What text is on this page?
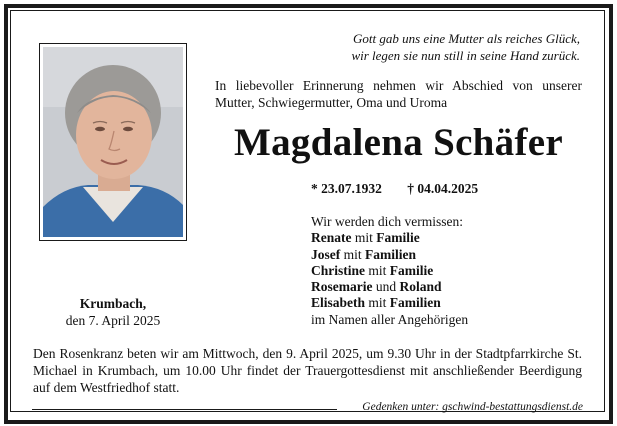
Gott gab uns eine Mutter als reiches Glück,
wir legen sie nun still in seine Hand zurück.
In liebevoller Erinnerung nehmen wir Abschied von unserer Mutter, Schwiegermutter, Oma und Uroma
Magdalena Schäfer
* 23.07.1932 † 04.04.2025
Wir werden dich vermissen:
Renate mit Familie
Josef mit Familien
Christine mit Familie
Rosemarie und Roland
Elisabeth mit Familien
im Namen aller Angehörigen
Krumbach,
den 7. April 2025
Den Rosenkranz beten wir am Mittwoch, den 9. April 2025, um 9.30 Uhr in der Stadtpfarrkirche St. Michael in Krumbach, um 10.00 Uhr findet der Trauergottesdienst mit anschließender Beerdigung auf dem Westfriedhof statt.
Gedenken unter: gschwind-bestattungsdienst.de
